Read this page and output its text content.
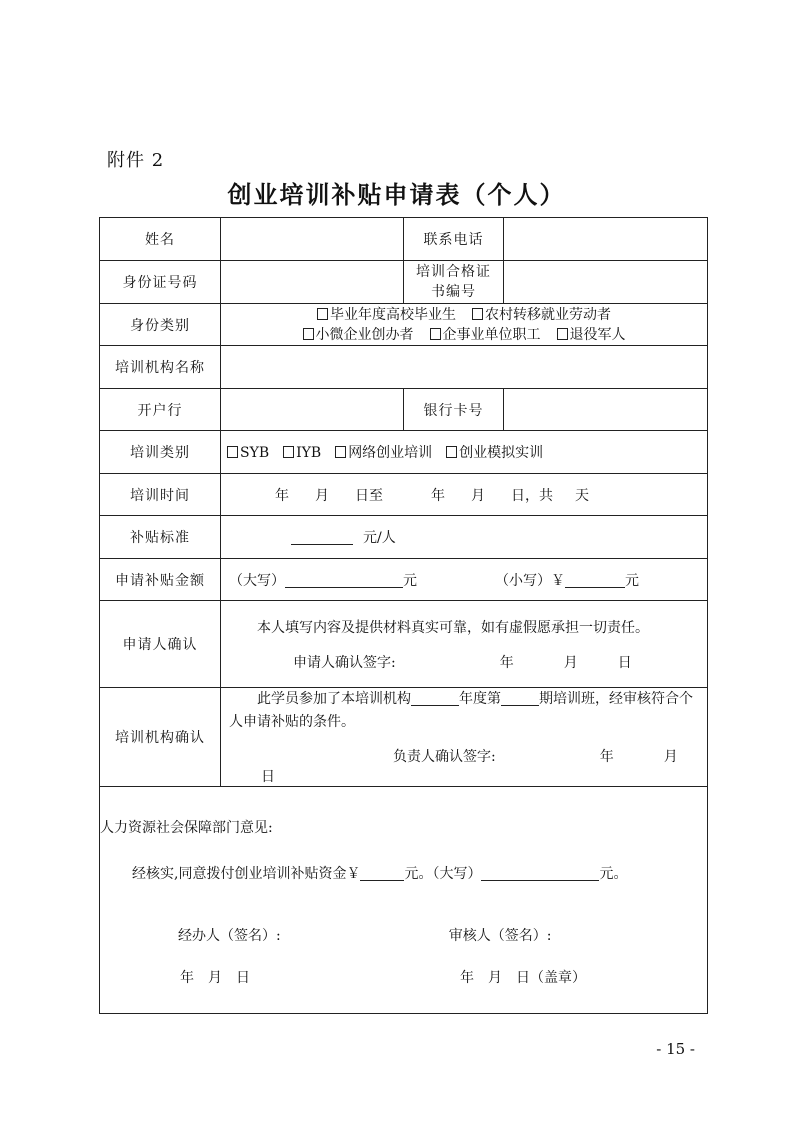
附件 2
创业培训补贴申请表（个人）
姓名		联系电话	
身份证号码		培训合格证
书编号	

身份类别	毕业年度高校毕业生 农村转移就业劳动者
小微企业创办者 企事业单位职工 退役军人		

培训机构名称			
开户行		银行卡号	
培训类别	SYB IYB 网络创业培训 创业模拟实训		
培训时间	年 月 日至 年 月 日，共 天		
补贴标准	元/人		
申请补贴金额	（大写） 元 （小写）￥ 元		
申请人确认	本人填写内容及提供材料真实可靠，如有虚假愿承担一切责任。
申请人确认签字: 年 月 日		

培训机构确认	此学员参加了本培训机构 年度第 期培训班，经审核符合个人申请补贴的条件。
负责人确认签字: 年 月日		

人力资源社会保障部门意见:
经核实,同意拨付创业培训补贴资金￥ 元。（大写） 元。
经办人（签名）: 审核人（签名）:
年　月　日 年　月　日（盖章）			
- 15 -
